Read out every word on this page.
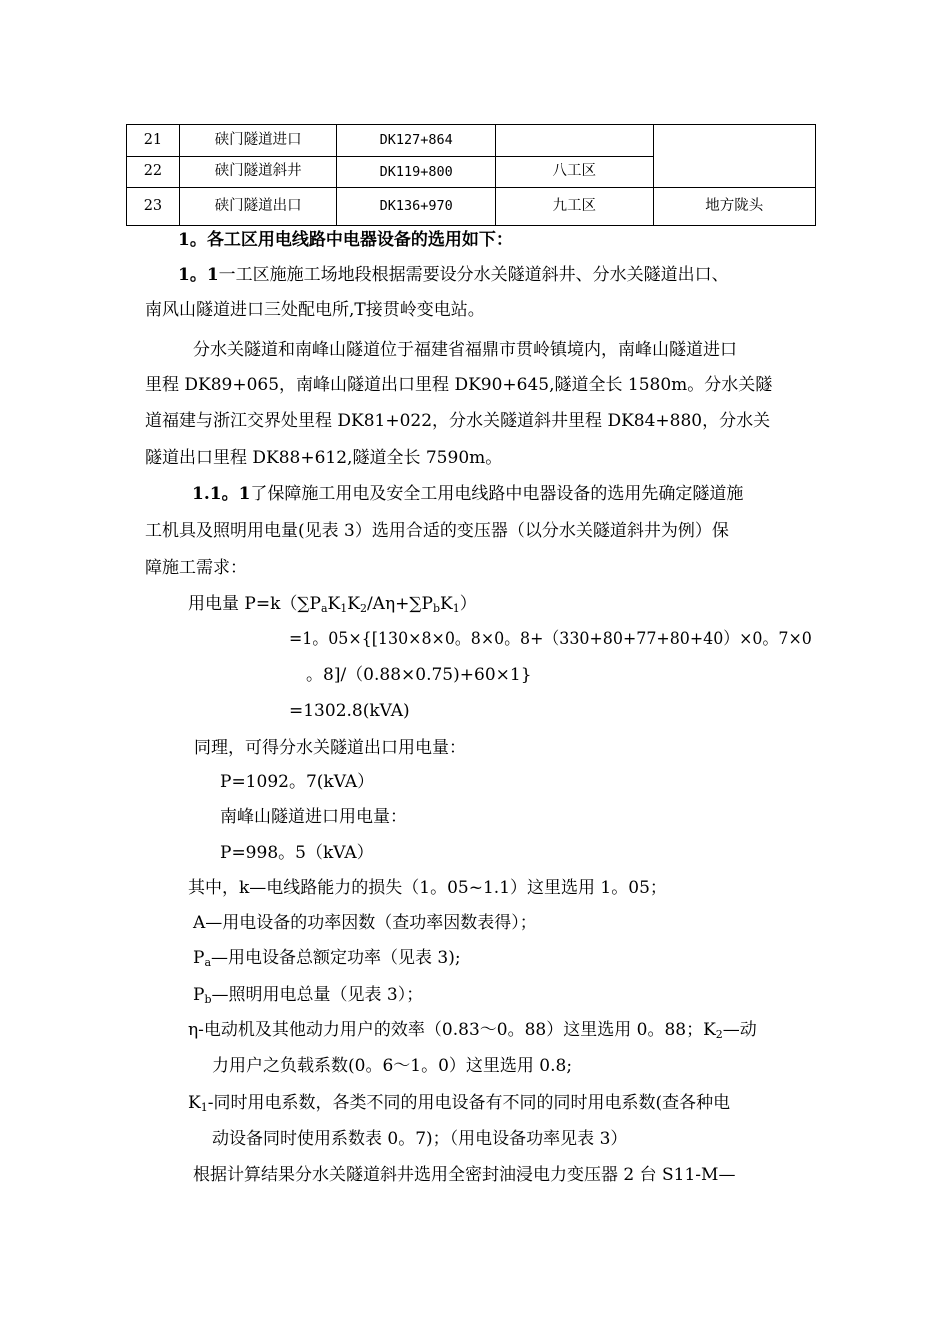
21	硖门隧道进口	DK127+864		
22	硖门隧道斜井	DK119+800	八工区	
23	硖门隧道出口	DK136+970	九工区	地方陇头
1。各工区用电线路中电器设备的选用如下：
1。1一工区施施工场地段根据需要设分水关隧道斜井、分水关隧道出口、
南风山隧道进口三处配电所,T接贯岭变电站。
分水关隧道和南峰山隧道位于福建省福鼎市贯岭镇境内，南峰山隧道进口
里程 DK89+065，南峰山隧道出口里程 DK90+645,隧道全长 1580m。分水关隧
道福建与浙江交界处里程 DK81+022，分水关隧道斜井里程 DK84+880，分水关
隧道出口里程 DK88+612,隧道全长 7590m。
1.1。1了保障施工用电及安全工用电线路中电器设备的选用先确定隧道施
工机具及照明用电量(见表 3）选用合适的变压器（以分水关隧道斜井为例）保
障施工需求：
用电量 $P=k(\sum P_aK_1K_2/A\eta+\sum P_bK_1)$
=1。05×{[130×8×0。8×0。8+（330+80+77+80+40）×0。7×0
。8]/（0.88×0.75)+60×1}
=1302.8(kVA)
同理，可得分水关隧道出口用电量：
P=1092。7(kVA）
南峰山隧道进口用电量：
P=998。5（kVA）
其中，k—电线路能力的损失（1。05~1.1）这里选用 1。05；
A—用电设备的功率因数（查功率因数表得）；
$P_a—$用电设备总额定功率（见表 3);
$P_b—$照明用电总量（见表 3）；
η-电动机及其他动力用户的效率（0.83～0。88）这里选用 0。88；$K_2—$动
力用户之负载系数(0。6～1。0）这里选用 0.8;
$K_1-$同时用电系数，各类不同的用电设备有不同的同时用电系数(查各种电
动设备同时使用系数表 0。7)；（用电设备功率见表 3）
根据计算结果分水关隧道斜井选用全密封油浸电力变压器 2 台 S11-M—
